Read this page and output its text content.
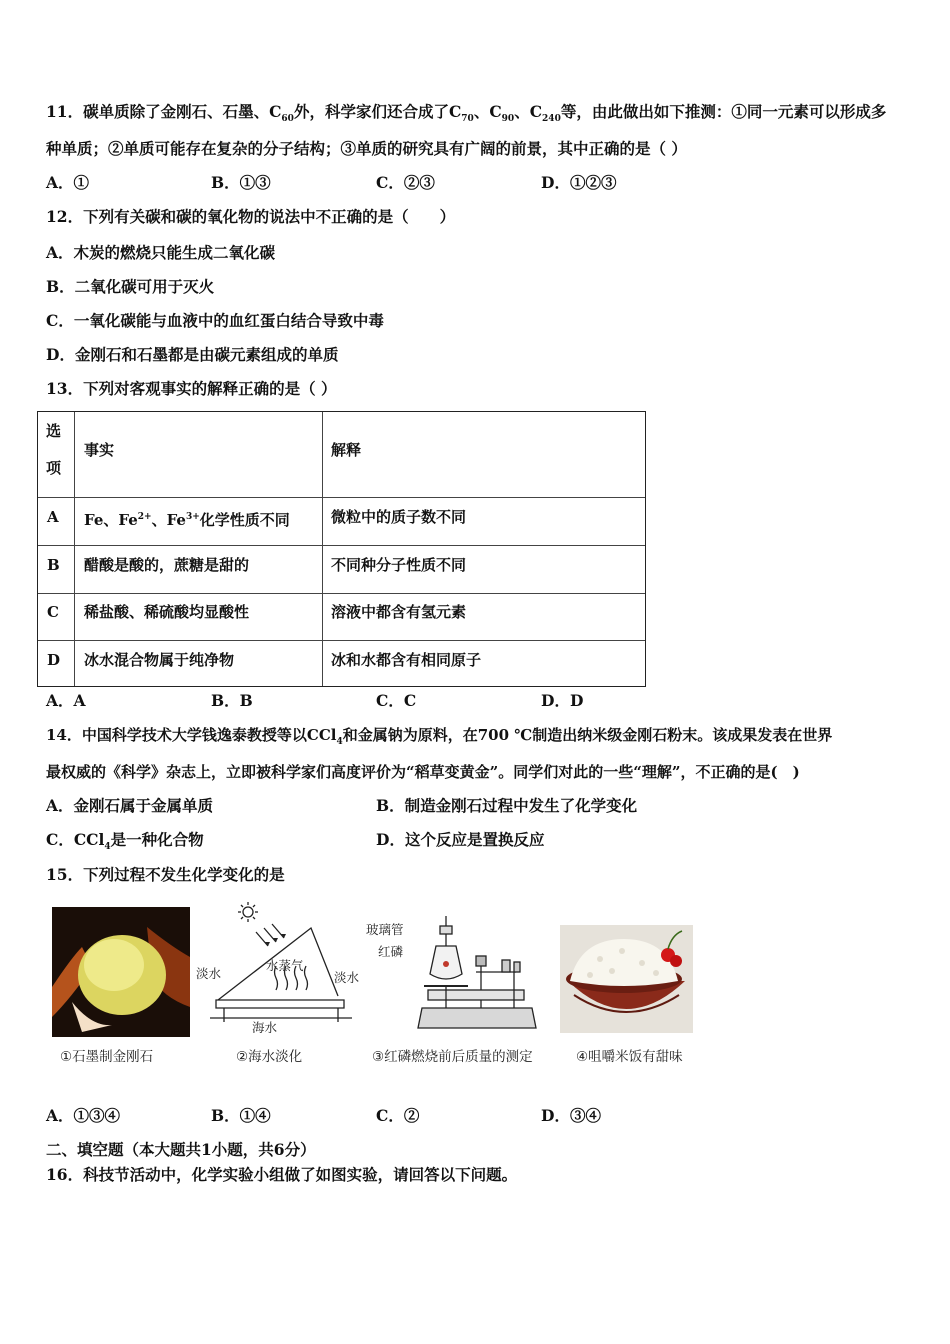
11．碳单质除了金刚石、石墨、$C_{60}$外，科学家们还合成了$C_{70}$、$C_{90}$、$C_{240}$等，由此做出如下推测：①同一元素可以形成多
种单质；②单质可能存在复杂的分子结构；③单质的研究具有广阔的前景，其中正确的是（ ）
A．①	B．①③	C．②③	D．①②③
12．下列有关碳和碳的氧化物的说法中不正确的是（　　）
A．木炭的燃烧只能生成二氧化碳
B．二氧化碳可用于灭火
C．一氧化碳能与血液中的血红蛋白结合导致中毒
D．金刚石和石墨都是由碳元素组成的单质
13．下列对客观事实的解释正确的是（ ）
选
项
事实	解释
A Fe、$Fe^{2+}$、$Fe^{3+}$化学性质不同	微粒中的质子数不同
B 醋酸是酸的，蔗糖是甜的	不同种分子性质不同
C 稀盐酸、稀硫酸均显酸性	溶液中都含有氢元素
D 冰水混合物属于纯净物	冰和水都含有相同原子
A．A	B．B	C．C	D．D
14．中国科学技术大学钱逸泰教授等以CCl$_4$和金属钠为原料，在700 ℃制造出纳米级金刚石粉末。该成果发表在世界
最权威的《科学》杂志上，立即被科学家们高度评价为“稻草变黄金”。同学们对此的一些“理解”，不正确的是(　)
A．金刚石属于金属单质	B．制造金刚石过程中发生了化学变化
C．CCl$_4$是一种化合物	D．这个反应是置换反应
15．下列过程不发生化学变化的是
①石墨制金刚石
淡水
水蒸气
淡水
海水
②海水淡化
玻璃管
红磷
③红磷燃烧前后质量的测定	④咀嚼米饭有甜味
A．①③④	B．①④	C．②	D．③④
二、填空题（本大题共1小题，共6分）
16．科技节活动中，化学实验小组做了如图实验，请回答以下问题。
